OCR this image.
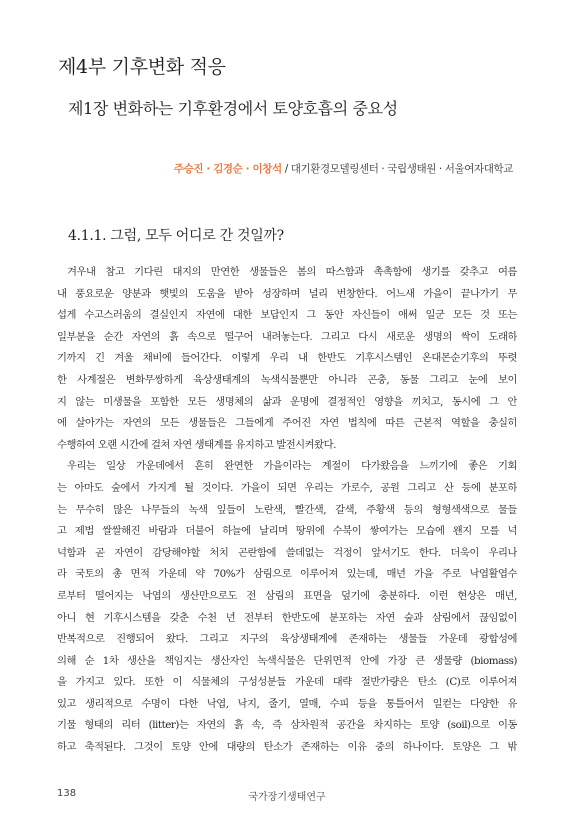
제4부 기후변화 적응
제1장 변화하는 기후환경에서 토양호흡의 중요성
주승진 · 김경순 · 이창석 / 대기환경모델링센터 · 국립생태원 · 서울여자대학교
4.1.1. 그럼, 모두 어디로 간 것일까?
겨우내 참고 기다린 대지의 만연한 생물들은 봄의 따스함과 촉촉함에 생기를 갖추고 여름
내 풍요로운 양분과 햇빛의 도움을 받아 성장하며 널리 번창한다. 어느새 가을이 끝나가기 무
섭게 수고스러움의 결실인지 자연에 대한 보답인지 그 동안 자신들이 애써 일군 모든 것 또는
일부분을 순간 자연의 흙 속으로 떨구어 내려놓는다. 그리고 다시 새로운 생명의 싹이 도래하
기까지 긴 겨울 채비에 들어간다. 이렇게 우리 내 한반도 기후시스템인 온대몬순기후의 뚜렷
한 사계절은 변화무쌍하게 육상생태계의 녹색식물뿐만 아니라 곤충, 동물 그리고 눈에 보이
지 않는 미생물을 포함한 모든 생명체의 삶과 운명에 결정적인 영향을 끼치고, 동시에 그 안
에 살아가는 자연의 모든 생물들은 그들에게 주어진 자연 법칙에 따른 근본적 역할을 충실히
수행하여 오랜 시간에 걸쳐 자연 생태계를 유지하고 발전시켜왔다.
우리는 일상 가운데에서 흔히 완연한 가을이라는 계절이 다가왔음을 느끼기에 좋은 기회
는 아마도 숲에서 가지게 될 것이다. 가을이 되면 우리는 가로수, 공원 그리고 산 등에 분포하
는 무수히 많은 나무들의 녹색 잎들이 노란색, 빨간색, 갈색, 주황색 등의 형형색색으로 물들
고 제법 쌀쌀해진 바람과 더불어 하늘에 날리며 땅위에 수북이 쌓여가는 모습에 왠지 모를 넉
넉함과 곧 자연이 감당해야할 처치 곤란함에 쓸데없는 걱정이 앞서기도 한다. 더욱이 우리나
라 국토의 총 면적 가운데 약 70%가 삼림으로 이루어져 있는데, 매년 가을 주로 낙엽활엽수
로부터 떨어지는 낙엽의 생산만으로도 전 삼림의 표면을 덮기에 충분하다. 이런 현상은 매년,
아니 현 기후시스템을 갖춘 수천 년 전부터 한반도에 분포하는 자연 숲과 삼림에서 끊임없이
반복적으로 진행되어 왔다. 그리고 지구의 육상생태계에 존재하는 생물들 가운데 광합성에
의해 순 1차 생산을 책임지는 생산자인 녹색식물은 단위면적 안에 가장 큰 생물량 (biomass)
을 가지고 있다. 또한 이 식물체의 구성성분들 가운데 대략 절반가량은 탄소 (C)로 이루어져
있고 생리적으로 수명이 다한 낙엽, 낙지, 줄기, 열매, 수피 등을 통틀어서 일컫는 다양한 유
기물 형태의 리터 (litter)는 자연의 흙 속, 즉 삼차원적 공간을 차지하는 토양 (soil)으로 이동
하고 축적된다. 그것이 토양 안에 대량의 탄소가 존재하는 이유 중의 하나이다. 토양은 그 밖
138	국가장기생태연구
